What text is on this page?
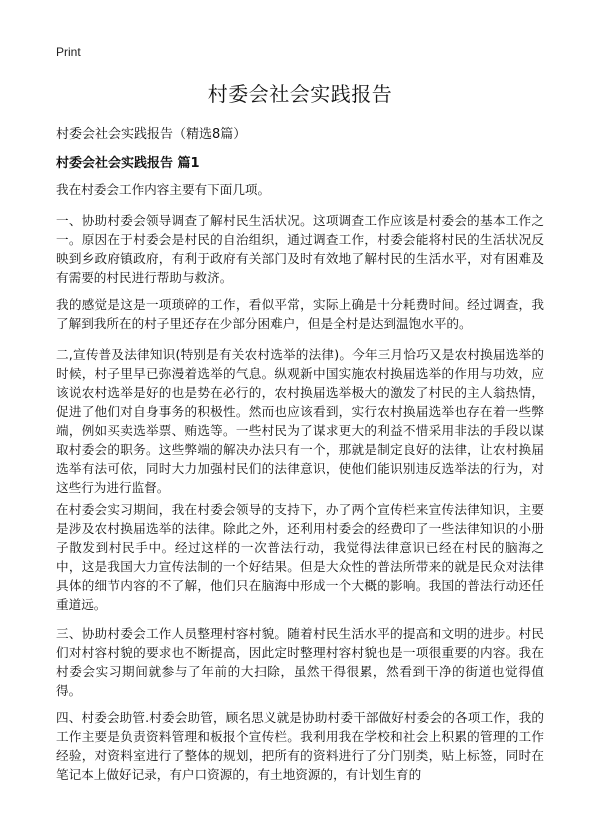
Print
村委会社会实践报告

村委会社会实践报告（精选8篇）

村委会社会实践报告 篇1

我在村委会工作内容主要有下面几项。

一、协助村委会领导调查了解村民生活状况。这项调查工作应该是村委会的基本工作之一。原因在于村委会是村民的自治组织，通过调查工作，村委会能将村民的生活状况反映到乡政府镇政府，有利于政府有关部门及时有效地了解村民的生活水平，对有困难及有需要的村民进行帮助与救济。

我的感觉是这是一项琐碎的工作，看似平常，实际上确是十分耗费时间。经过调查，我了解到我所在的村子里还存在少部分困难户，但是全村是达到温饱水平的。

二,宣传普及法律知识(特别是有关农村选举的法律)。今年三月恰巧又是农村换届选举的时候，村子里早已弥漫着选举的气息。纵观新中国实施农村换届选举的作用与功效，应该说农村选举是好的也是势在必行的，农村换届选举极大的激发了村民的主人翁热情，促进了他们对自身事务的积极性。然而也应该看到，实行农村换届选举也存在着一些弊端，例如买卖选举票、贿选等。一些村民为了谋求更大的利益不惜采用非法的手段以谋取村委会的职务。这些弊端的解决办法只有一个，那就是制定良好的法律，让农村换届选举有法可依，同时大力加强村民们的法律意识，使他们能识别违反选举法的行为，对这些行为进行监督。

在村委会实习期间，我在村委会领导的支持下，办了两个宣传栏来宣传法律知识，主要是涉及农村换届选举的法律。除此之外，还利用村委会的经费印了一些法律知识的小册子散发到村民手中。经过这样的一次普法行动，我觉得法律意识已经在村民的脑海之中，这是我国大力宣传法制的一个好结果。但是大众性的普法所带来的就是民众对法律具体的细节内容的不了解，他们只在脑海中形成一个大概的影响。我国的普法行动还任重道远。

三、协助村委会工作人员整理村容村貌。随着村民生活水平的提高和文明的进步。村民们对村容村貌的要求也不断提高，因此定时整理村容村貌也是一项很重要的内容。我在村委会实习期间就参与了年前的大扫除，虽然干得很累，然看到干净的街道也觉得值得。

四、村委会助管.村委会助管，顾名思义就是协助村委干部做好村委会的各项工作，我的工作主要是负责资料管理和板报个宣传栏。我利用我在学校和社会上积累的管理的工作经验，对资料室进行了整体的规划，把所有的资料进行了分门别类，贴上标签，同时在笔记本上做好记录，有户口资源的，有土地资源的，有计划生育的
